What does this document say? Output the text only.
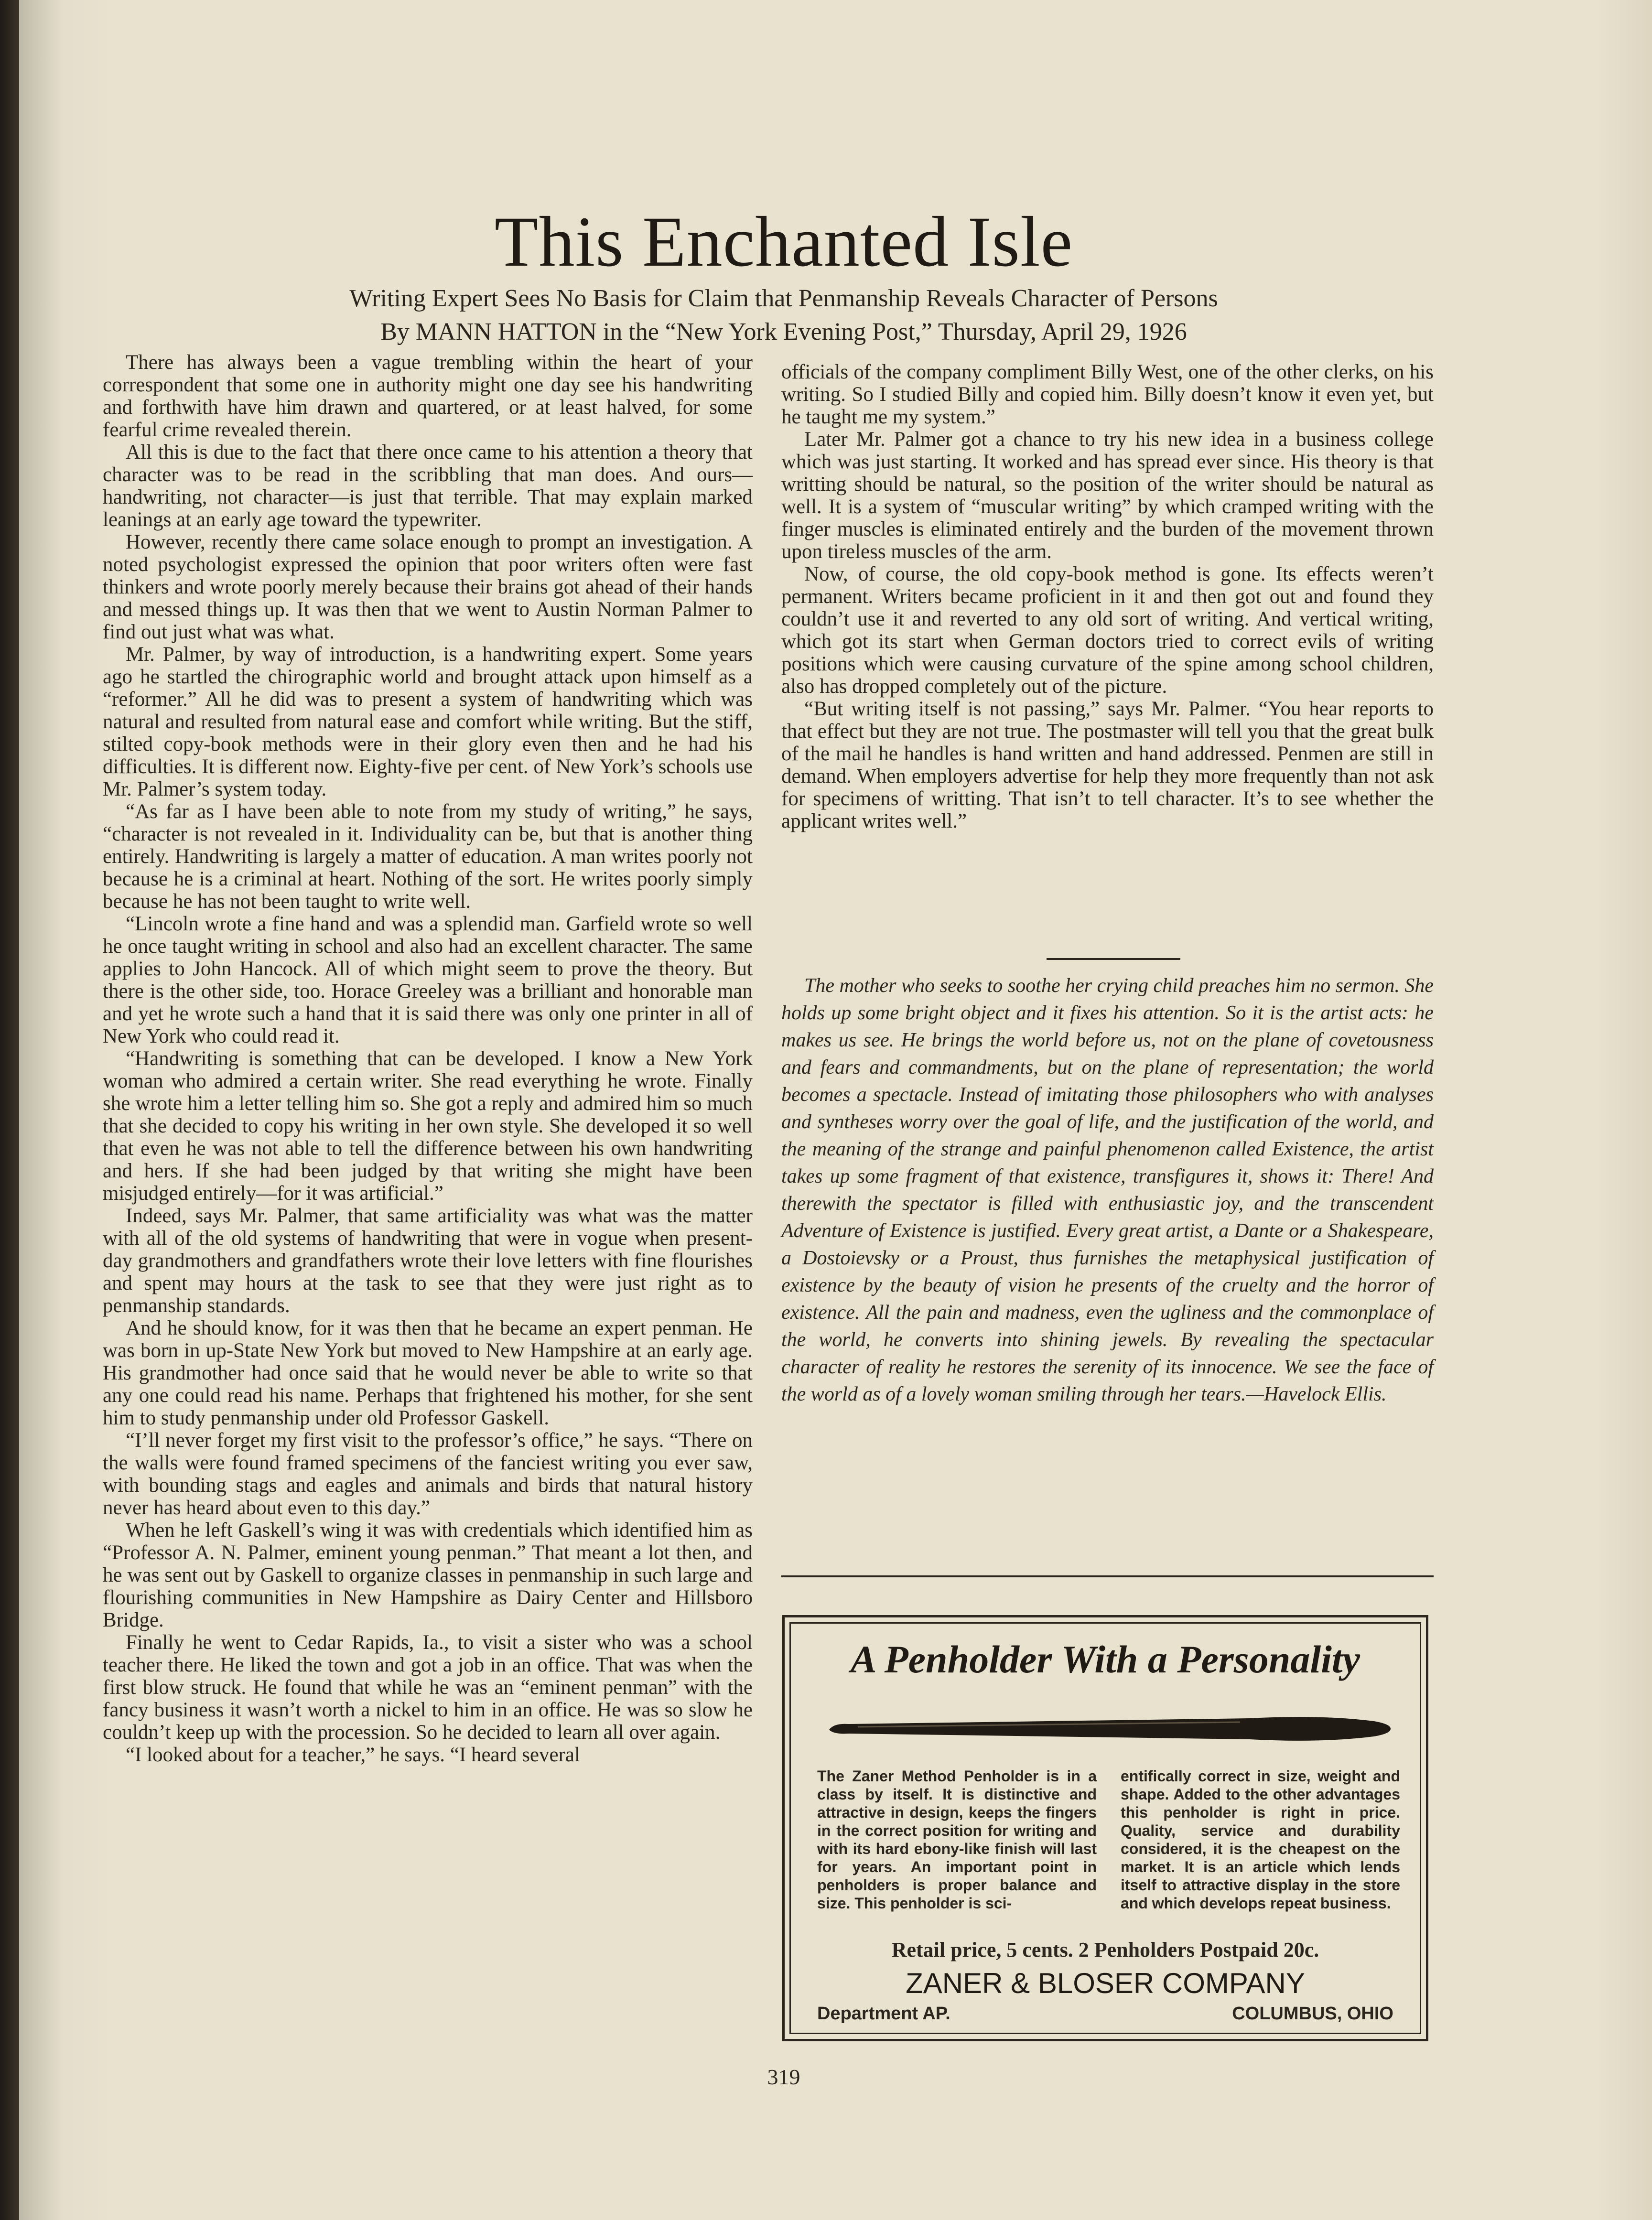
This Enchanted Isle
Writing Expert Sees No Basis for Claim that Penmanship Reveals Character of Persons
By MANN HATTON in the “New York Evening Post,” Thursday, April 29, 1926

There has always been a vague trembling within the heart of your correspondent that some one in authority might one day see his handwriting and forthwith have him drawn and quartered, or at least halved, for some fearful crime revealed therein.

All this is due to the fact that there once came to his attention a theory that character was to be read in the scribbling that man does. And ours—handwriting, not character—is just that terrible. That may explain marked leanings at an early age toward the typewriter.

However, recently there came solace enough to prompt an investigation. A noted psychologist expressed the opinion that poor writers often were fast thinkers and wrote poorly merely because their brains got ahead of their hands and messed things up. It was then that we went to Austin Norman Palmer to find out just what was what.

Mr. Palmer, by way of introduction, is a handwriting expert. Some years ago he startled the chirographic world and brought attack upon himself as a “reformer.” All he did was to present a system of handwriting which was natural and resulted from natural ease and comfort while writing. But the stiff, stilted copy-book methods were in their glory even then and he had his difficulties. It is different now. Eighty-five per cent. of New York’s schools use Mr. Palmer’s system today.

“As far as I have been able to note from my study of writing,” he says, “character is not revealed in it. Individuality can be, but that is another thing entirely. Handwriting is largely a matter of education. A man writes poorly not because he is a criminal at heart. Nothing of the sort. He writes poorly simply because he has not been taught to write well.

“Lincoln wrote a fine hand and was a splendid man. Garfield wrote so well he once taught writing in school and also had an excellent character. The same applies to John Hancock. All of which might seem to prove the theory. But there is the other side, too. Horace Greeley was a brilliant and honorable man and yet he wrote such a hand that it is said there was only one printer in all of New York who could read it.

“Handwriting is something that can be developed. I know a New York woman who admired a certain writer. She read everything he wrote. Finally she wrote him a letter telling him so. She got a reply and admired him so much that she decided to copy his writing in her own style. She developed it so well that even he was not able to tell the difference between his own handwriting and hers. If she had been judged by that writing she might have been misjudged entirely—for it was artificial.”

Indeed, says Mr. Palmer, that same artificiality was what was the matter with all of the old systems of handwriting that were in vogue when present-day grandmothers and grandfathers wrote their love letters with fine flourishes and spent may hours at the task to see that they were just right as to penmanship standards.

And he should know, for it was then that he became an expert penman. He was born in up-State New York but moved to New Hampshire at an early age. His grandmother had once said that he would never be able to write so that any one could read his name. Perhaps that frightened his mother, for she sent him to study penmanship under old Professor Gaskell.

“I’ll never forget my first visit to the professor’s office,” he says. “There on the walls were found framed specimens of the fanciest writing you ever saw, with bounding stags and eagles and animals and birds that natural history never has heard about even to this day.”

When he left Gaskell’s wing it was with credentials which identified him as “Professor A. N. Palmer, eminent young penman.” That meant a lot then, and he was sent out by Gaskell to organize classes in penmanship in such large and flourishing communities in New Hampshire as Dairy Center and Hillsboro Bridge.

Finally he went to Cedar Rapids, Ia., to visit a sister who was a school teacher there. He liked the town and got a job in an office. That was when the first blow struck. He found that while he was an “eminent penman” with the fancy business it wasn’t worth a nickel to him in an office. He was so slow he couldn’t keep up with the procession. So he decided to learn all over again.

“I looked about for a teacher,” he says. “I heard several

officials of the company compliment Billy West, one of the other clerks, on his writing. So I studied Billy and copied him. Billy doesn’t know it even yet, but he taught me my system.”

Later Mr. Palmer got a chance to try his new idea in a business college which was just starting. It worked and has spread ever since. His theory is that writting should be natural, so the position of the writer should be natural as well. It is a system of “muscular writing” by which cramped writing with the finger muscles is eliminated entirely and the burden of the movement thrown upon tireless muscles of the arm.

Now, of course, the old copy-book method is gone. Its effects weren’t permanent. Writers became proficient in it and then got out and found they couldn’t use it and reverted to any old sort of writing. And vertical writing, which got its start when German doctors tried to correct evils of writing positions which were causing curvature of the spine among school children, also has dropped completely out of the picture.

“But writing itself is not passing,” says Mr. Palmer. “You hear reports to that effect but they are not true. The postmaster will tell you that the great bulk of the mail he handles is hand written and hand addressed. Penmen are still in demand. When employers advertise for help they more frequently than not ask for specimens of writting. That isn’t to tell character. It’s to see whether the applicant writes well.”

The mother who seeks to soothe her crying child preaches him no sermon. She holds up some bright object and it fixes his attention. So it is the artist acts: he makes us see. He brings the world before us, not on the plane of covetousness and fears and commandments, but on the plane of representation; the world becomes a spectacle. Instead of imitating those philosophers who with analyses and syntheses worry over the goal of life, and the justification of the world, and the meaning of the strange and painful phenomenon called Existence, the artist takes up some fragment of that existence, transfigures it, shows it: There! And therewith the spectator is filled with enthusiastic joy, and the transcendent Adventure of Existence is justified. Every great artist, a Dante or a Shakespeare, a Dostoievsky or a Proust, thus furnishes the metaphysical justification of existence by the beauty of vision he presents of the cruelty and the horror of existence. All the pain and madness, even the ugliness and the commonplace of the world, he converts into shining jewels. By revealing the spectacular character of reality he restores the serenity of its innocence. We see the face of the world as of a lovely woman smiling through her tears.—Havelock Ellis.

A Penholder With a Personality

The Zaner Method Penholder is in a class by itself. It is distinctive and attractive in design, keeps the fingers in the correct position for writing and with its hard ebony-like finish will last for years. An important point in penholders is proper balance and size. This penholder is sci-

entifically correct in size, weight and shape. Added to the other advantages this penholder is right in price. Quality, service and durability considered, it is the cheapest on the market. It is an article which lends itself to attractive display in the store and which develops repeat business.

Retail price, 5 cents. 2 Penholders Postpaid 20c.
ZANER & BLOSER COMPANY
Department AP.	COLUMBUS, OHIO
319
